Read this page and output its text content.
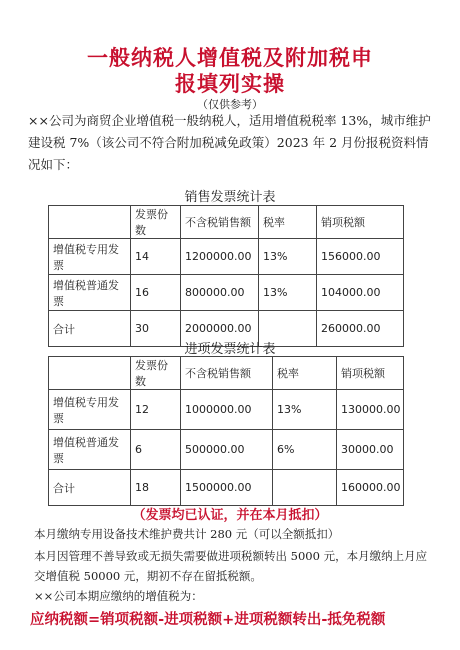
一般纳税人增值税及附加税申
报填列实操
（仅供参考）
××公司为商贸企业增值税一般纳税人，适用增值税税率 13%，城市维护建设税 7%（该公司不符合附加税减免政策）2023 年 2 月份报税资料情况如下：
销售发票统计表
	发票份数	不含税销售额	税率	销项税额
增值税专用发票	14	1200000.00	13%	156000.00
增值税普通发票	16	800000.00	13%	104000.00
合计	30	2000000.00		260000.00
进项发票统计表
	发票份数	不含税销售额	税率	销项税额
增值税专用发票	12	1000000.00	13%	130000.00
增值税普通发票	6	500000.00	6%	30000.00
合计	18	1500000.00		160000.00
（发票均已认证，并在本月抵扣）
本月缴纳专用设备技术维护费共计 280 元（可以全额抵扣）
本月因管理不善导致或无损失需要做进项税额转出 5000 元，本月缴纳上月应交增值税 50000 元，期初不存在留抵税额。
××公司本期应缴纳的增值税为：
应纳税额=销项税额-进项税额+进项税额转出-抵免税额
